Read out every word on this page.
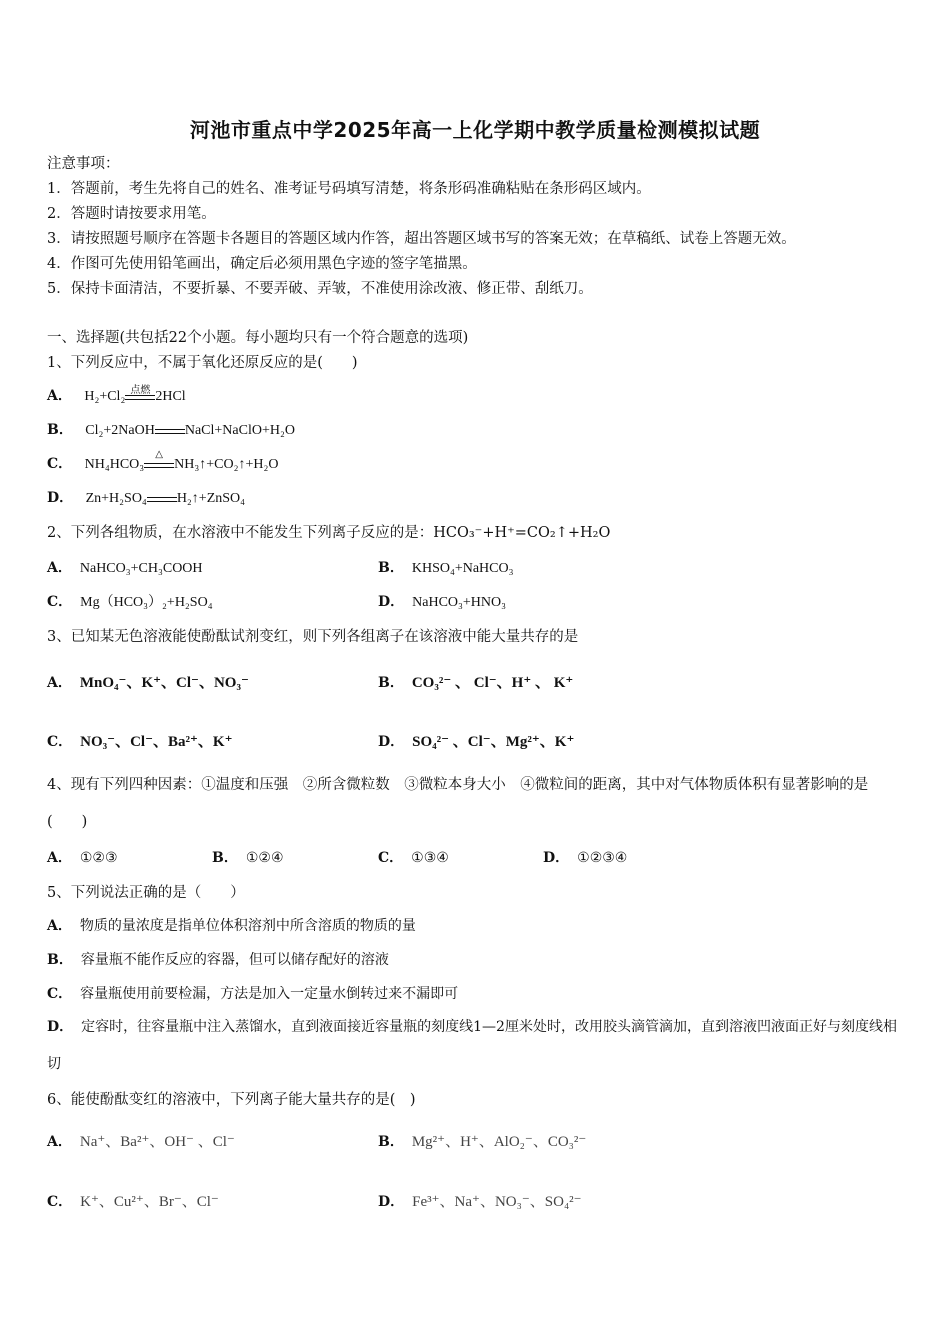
河池市重点中学2025年高一上化学期中教学质量检测模拟试题
注意事项：
1．答题前，考生先将自己的姓名、准考证号码填写清楚，将条形码准确粘贴在条形码区域内。
2．答题时请按要求用笔。
3．请按照题号顺序在答题卡各题目的答题区域内作答，超出答题区域书写的答案无效；在草稿纸、试卷上答题无效。
4．作图可先使用铅笔画出，确定后必须用黑色字迹的签字笔描黑。
5．保持卡面清洁，不要折暴、不要弄破、弄皱，不准使用涂改液、修正带、刮纸刀。
一、选择题(共包括22个小题。每小题均只有一个符合题意的选项)
1、下列反应中，不属于氧化还原反应的是(　　)
A． H₂+Cl₂ 点燃 2HCl
B． Cl₂+2NaOH NaCl+NaClO+H₂O
C． NH₄HCO₃
△
NH₃↑+CO₂↑+H₂O
D． Zn+H₂SO₄ H₂↑+ZnSO₄
2、下列各组物质，在水溶液中不能发生下列离子反应的是：HCO₃⁻+H⁺=CO₂↑+H₂O
A． NaHCO₃+CH₃COOH	B． KHSO₄+NaHCO₃
C． Mg（HCO₃）₂+H₂SO₄	D． NaHCO₃+HNO₃
3、已知某无色溶液能使酚酞试剂变红，则下列各组离子在该溶液中能大量共存的是
A． MnO₄⁻、K⁺、Cl⁻、NO₃⁻	B． CO₃²⁻ 、 Cl⁻、H⁺ 、 K⁺
C． NO₃⁻、Cl⁻、Ba²⁺、K⁺	D． SO₄²⁻ 、Cl⁻、Mg²⁺、K⁺
4、现有下列四种因素：①温度和压强　②所含微粒数　③微粒本身大小　④微粒间的距离，其中对气体物质体积有显著影响的是(　　)
A． ①②③	B． ①②④	C． ①③④	D． ①②③④
5、下列说法正确的是（　　）
A． 物质的量浓度是指单位体积溶剂中所含溶质的物质的量
B． 容量瓶不能作反应的容器，但可以储存配好的溶液
C． 容量瓶使用前要检漏，方法是加入一定量水倒转过来不漏即可
D． 定容时，往容量瓶中注入蒸馏水，直到液面接近容量瓶的刻度线1—2厘米处时，改用胶头滴管滴加，直到溶液凹液面正好与刻度线相切
6、能使酚酞变红的溶液中，下列离子能大量共存的是(　)
A． Na⁺、Ba²⁺、OH⁻ 、Cl⁻	B． Mg²⁺、H⁺、AlO₂⁻、CO₃²⁻
C． K⁺、Cu²⁺、Br⁻、Cl⁻	D． Fe³⁺、Na⁺、NO₃⁻、SO₄²⁻
